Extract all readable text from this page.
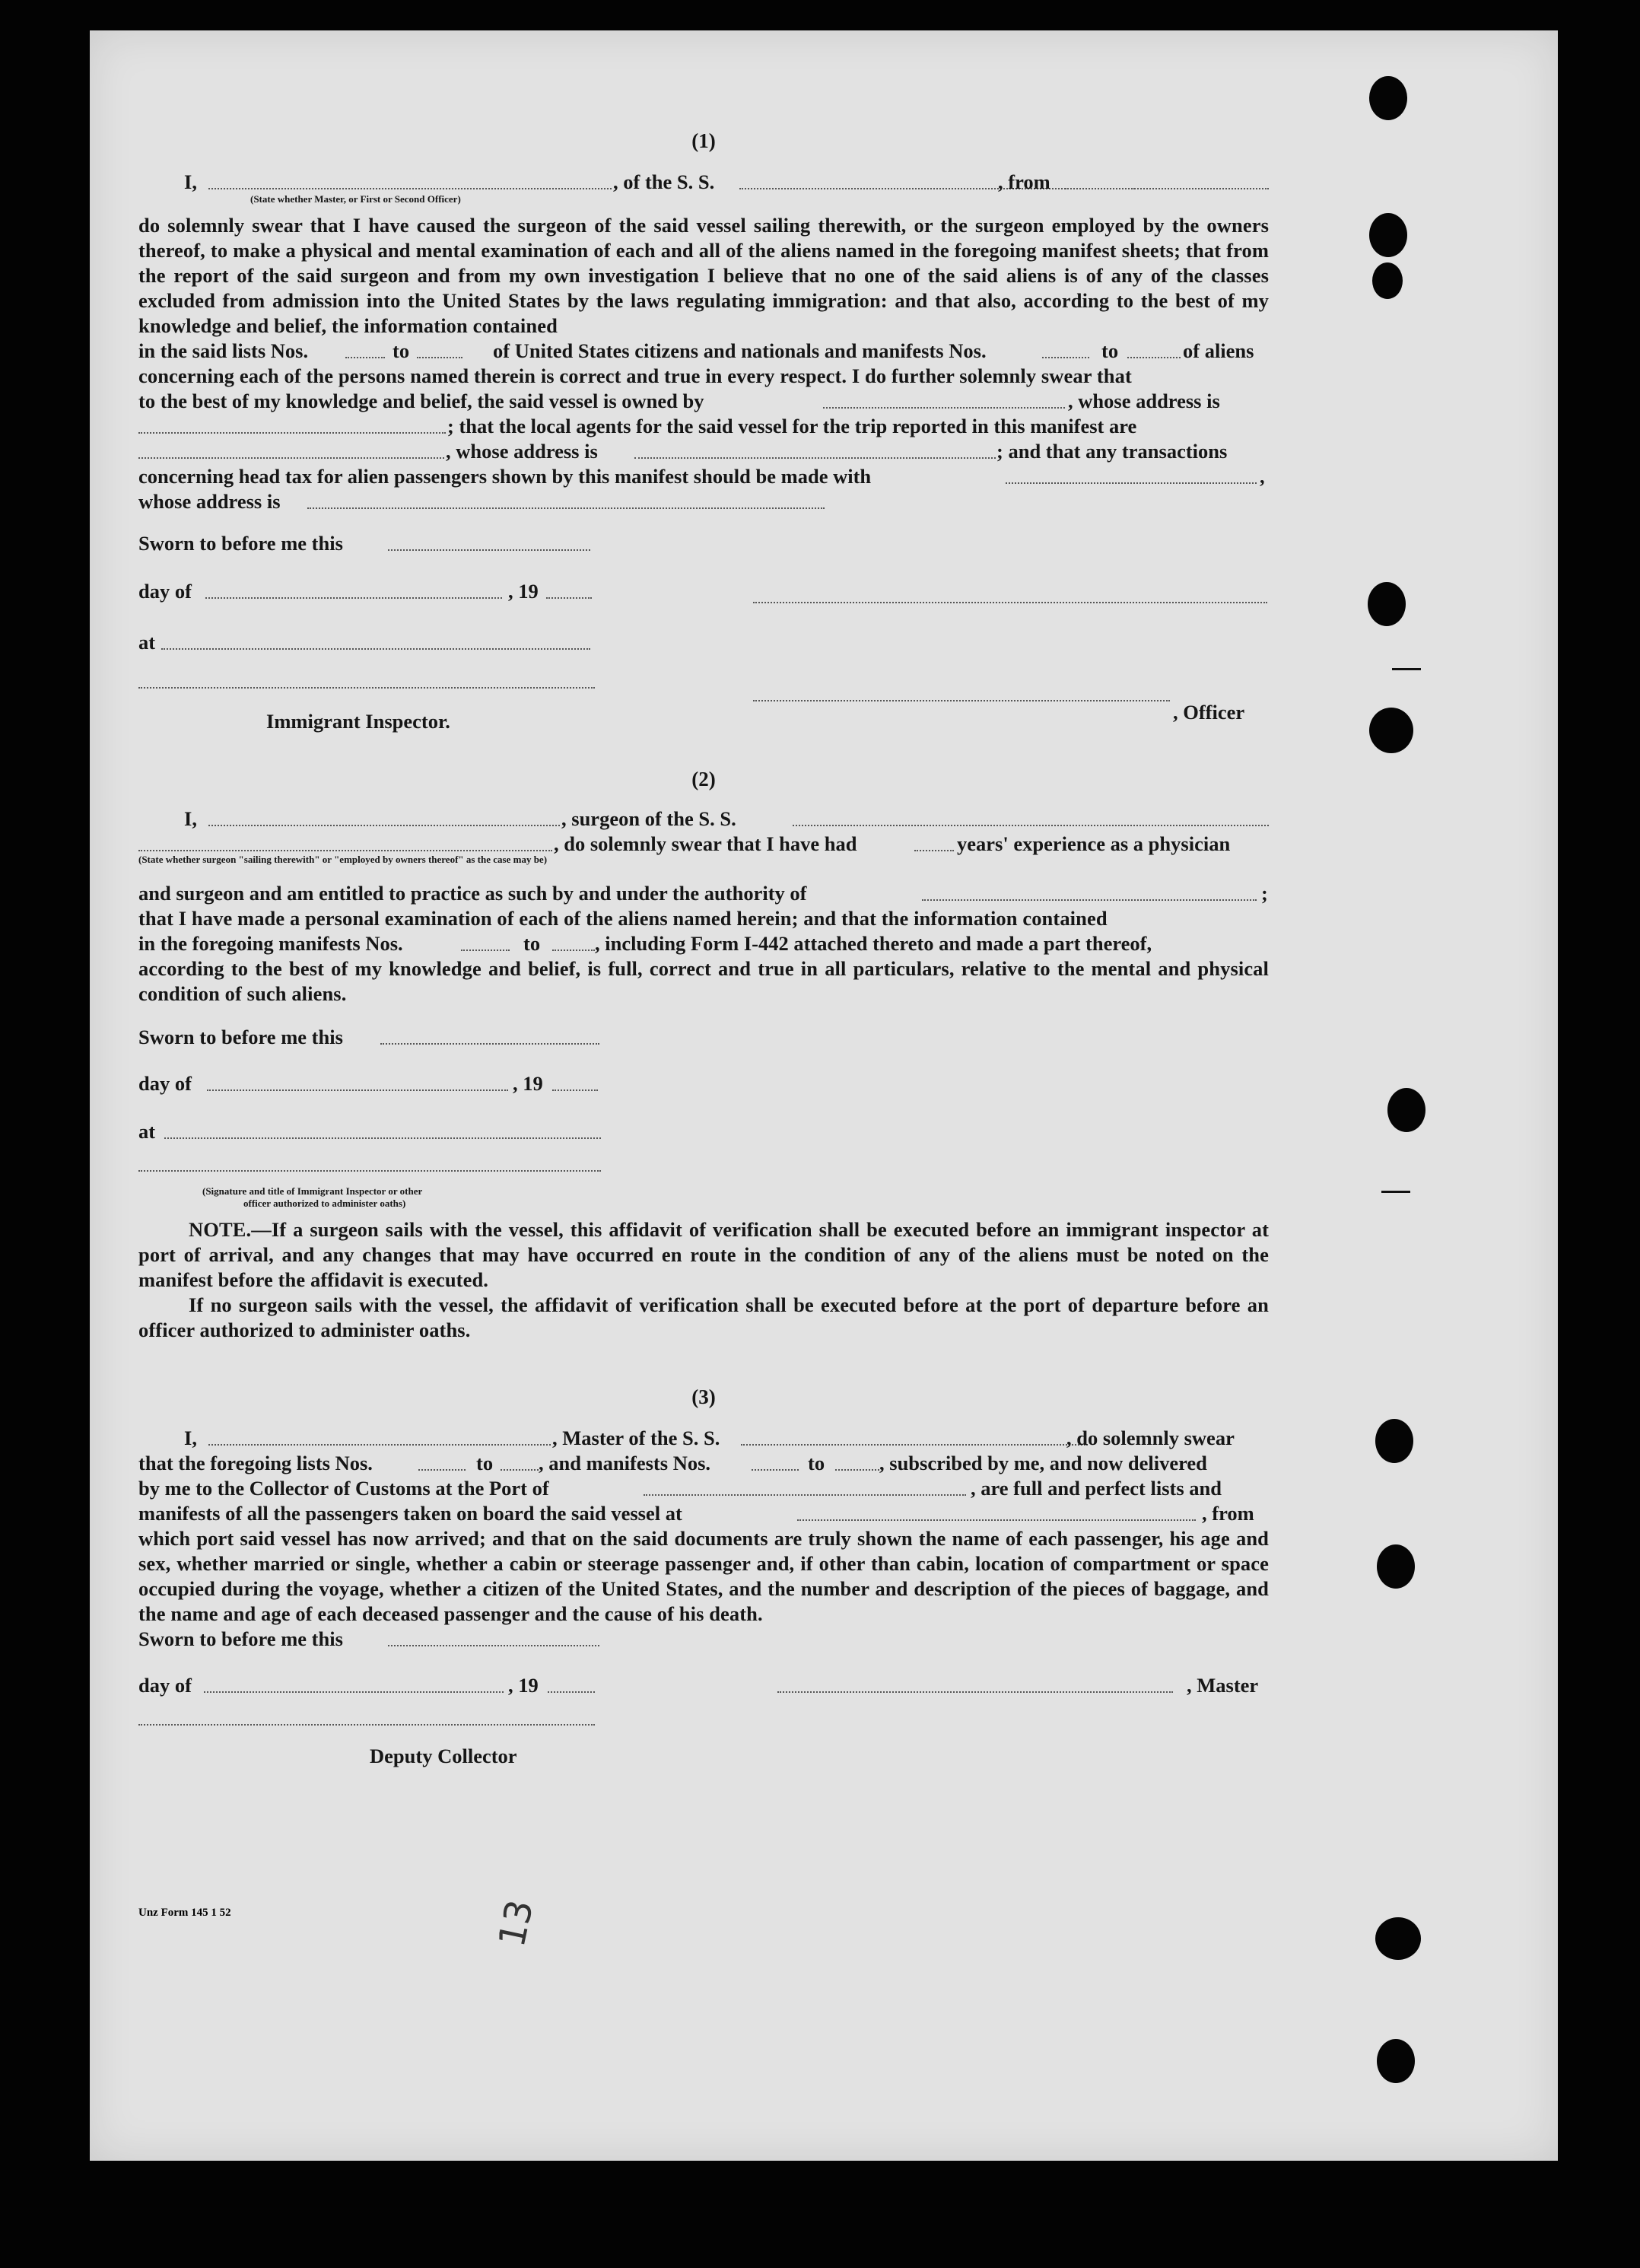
(1)

I,	, of the S. S.	, from
(State whether Master, or First or Second Officer)

do solemnly swear that I have caused the surgeon of the said vessel sailing therewith, or the surgeon employed by the owners thereof, to make a physical and mental examination of each and all of the aliens named in the foregoing manifest sheets; that from the report of the said surgeon and from my own investigation I believe that no one of the said aliens is of any of the classes excluded from admission into the United States by the laws regulating immigration: and that also, according to the best of my knowledge and belief, the information contained

in the said lists Nos.	to	of United States citizens and nationals and manifests Nos.	to	of aliens

concerning each of the persons named therein is correct and true in every respect. I do further solemnly swear that

to the best of my knowledge and belief, the said vessel is owned by	, whose address is
; that the local agents for the said vessel for the trip reported in this manifest are
, whose address is	; and that any transactions
concerning head tax for alien passengers shown by this manifest should be made with	,
whose address is
Sworn to before me this
day of	, 19
at
Immigrant Inspector.	, Officer

(2)

I,	, surgeon of the S. S.
, do solemnly swear that I have had	years' experience as a physician
(State whether surgeon "sailing therewith" or "employed by owners thereof" as the case may be)
and surgeon and am entitled to practice as such by and under the authority of	;

that I have made a personal examination of each of the aliens named herein; and that the information contained

in the foregoing manifests Nos.	to	, including Form I-442 attached thereto and made a part thereof,

according to the best of my knowledge and belief, is full, correct and true in all particulars, relative to the mental and physical condition of such aliens.

Sworn to before me this
day of	, 19
at
(Signature and title of Immigrant Inspector or other
officer authorized to administer oaths)

NOTE.—If a surgeon sails with the vessel, this affidavit of verification shall be executed before an immigrant inspector at port of arrival, and any changes that may have occurred en route in the condition of any of the aliens must be noted on the manifest before the affidavit is executed.

If no surgeon sails with the vessel, the affidavit of verification shall be executed before at the port of departure before an officer authorized to administer oaths.

(3)

I,	, Master of the S. S.	, do solemnly swear
that the foregoing lists Nos.	to , and manifests Nos.	to	, subscribed by me, and now delivered
by me to the Collector of Customs at the Port of	, are full and perfect lists and
manifests of all the passengers taken on board the said vessel at	, from

which port said vessel has now arrived; and that on the said documents are truly shown the name of each passenger, his age and sex, whether married or single, whether a cabin or steerage passenger and, if other than cabin, location of compartment or space occupied during the voyage, whether a citizen of the United States, and the number and description of the pieces of baggage, and the name and age of each deceased passenger and the cause of his death.

Sworn to before me this
day of	, 19	, Master
Deputy Collector
Unz Form 145 1 52	13
